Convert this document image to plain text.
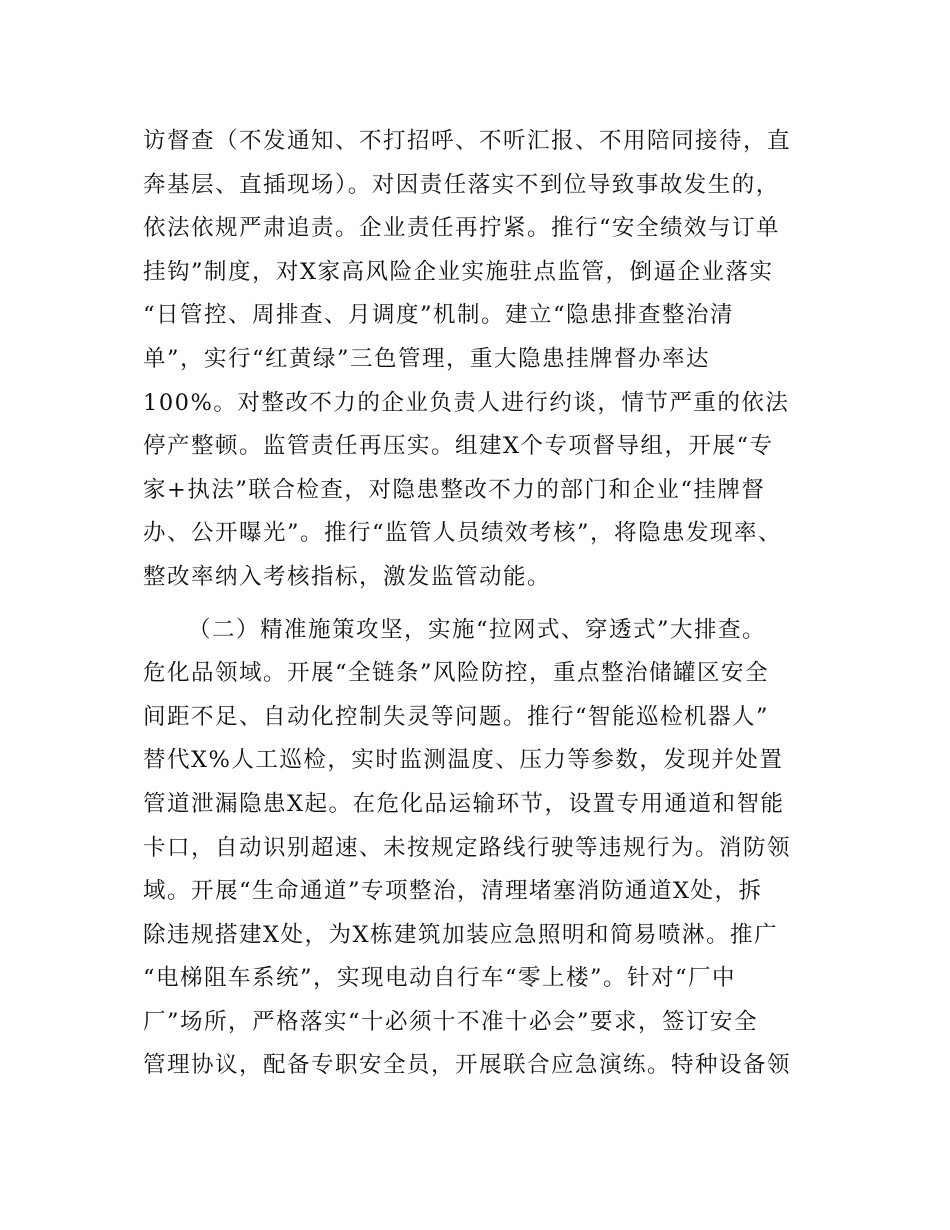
访督查（不发通知、不打招呼、不听汇报、不用陪同接待，直
奔基层、直插现场）。对因责任落实不到位导致事故发生的，
依法依规严肃追责。企业责任再拧紧。推行“安全绩效与订单
挂钩”制度，对X家高风险企业实施驻点监管，倒逼企业落实
“日管控、周排查、月调度”机制。建立“隐患排查整治清
单”，实行“红黄绿”三色管理，重大隐患挂牌督办率达
100%。对整改不力的企业负责人进行约谈，情节严重的依法
停产整顿。监管责任再压实。组建X个专项督导组，开展“专
家+执法”联合检查，对隐患整改不力的部门和企业“挂牌督
办、公开曝光”。推行“监管人员绩效考核”，将隐患发现率、
整改率纳入考核指标，激发监管动能。
（二）精准施策攻坚，实施“拉网式、穿透式”大排查。
危化品领域。开展“全链条”风险防控，重点整治储罐区安全
间距不足、自动化控制失灵等问题。推行“智能巡检机器人”
替代X%人工巡检，实时监测温度、压力等参数，发现并处置
管道泄漏隐患X起。在危化品运输环节，设置专用通道和智能
卡口，自动识别超速、未按规定路线行驶等违规行为。消防领
域。开展“生命通道”专项整治，清理堵塞消防通道X处，拆
除违规搭建X处，为X栋建筑加装应急照明和简易喷淋。推广
“电梯阻车系统”，实现电动自行车“零上楼”。针对“厂中
厂”场所，严格落实“十必须十不准十必会”要求，签订安全
管理协议，配备专职安全员，开展联合应急演练。特种设备领
